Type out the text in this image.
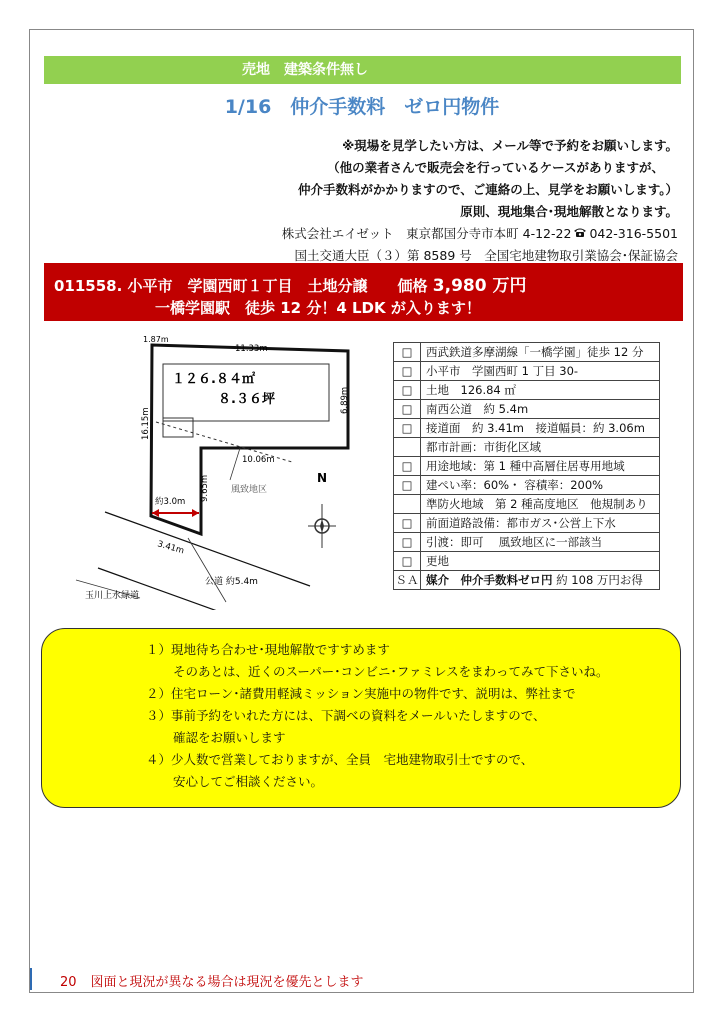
売地　建築条件無し
1/16　仲介手数料　ゼロ円物件
※現場を見学したい方は、メール等で予約をお願いします。
（他の業者さんで販売会を行っているケースがありますが、
仲介手数料がかかりますので、ご連絡の上、見学をお願いします。）
原則、現地集合･現地解散となります。
株式会社エイゼット　東京都国分寺市本町 4-12-22 042-316-5501
国土交通大臣（３）第 8589 号　全国宅地建物取引業協会･保証協会
011558. 小平市　学園西町１丁目　土地分譲　　価格 3,980 万円
一橋学園駅　徒歩 12 分！4 LDK が入ります！
1.87m
11.33m
6.89m
16.15m
9.65m
10.06m
約3.0m
3.41m
１２６.８４㎡
８.３６坪
風致地区
公道 約5.4m
玉川上水緑道
N
□	西武鉄道多摩湖線「一橋学園」徒歩 12 分
□	小平市　学園西町 1 丁目 30-
□	土地　126.84 ㎡
□	南西公道　約 5.4m
□	接道面　約 3.41m　接道幅員：約 3.06m
	都市計画：市街化区域
□	用途地域：第 1 種中高層住居専用地域
□	建ぺい率：60%・ 容積率：200%
	準防火地域　第 2 種高度地区　他規制あり
□	前面道路設備：都市ガス･公営上下水
□	引渡：即可　 風致地区に一部該当
□	更地
ＳＡ	媒介　仲介手数料ゼロ円 約 108 万円お得
１）現地待ち合わせ･現地解散ですすめます
そのあとは、近くのスーパー･コンビニ･ファミレスをまわってみて下さいね。
２）住宅ローン･諸費用軽減ミッション実施中の物件です、説明は、弊社まで
３）事前予約をいれた方には、下調べの資料をメールいたしますので、
確認をお願いします
４）少人数で営業しておりますが、全員　宅地建物取引士ですので、
安心してご相談ください。
20 図面と現況が異なる場合は現況を優先とします
